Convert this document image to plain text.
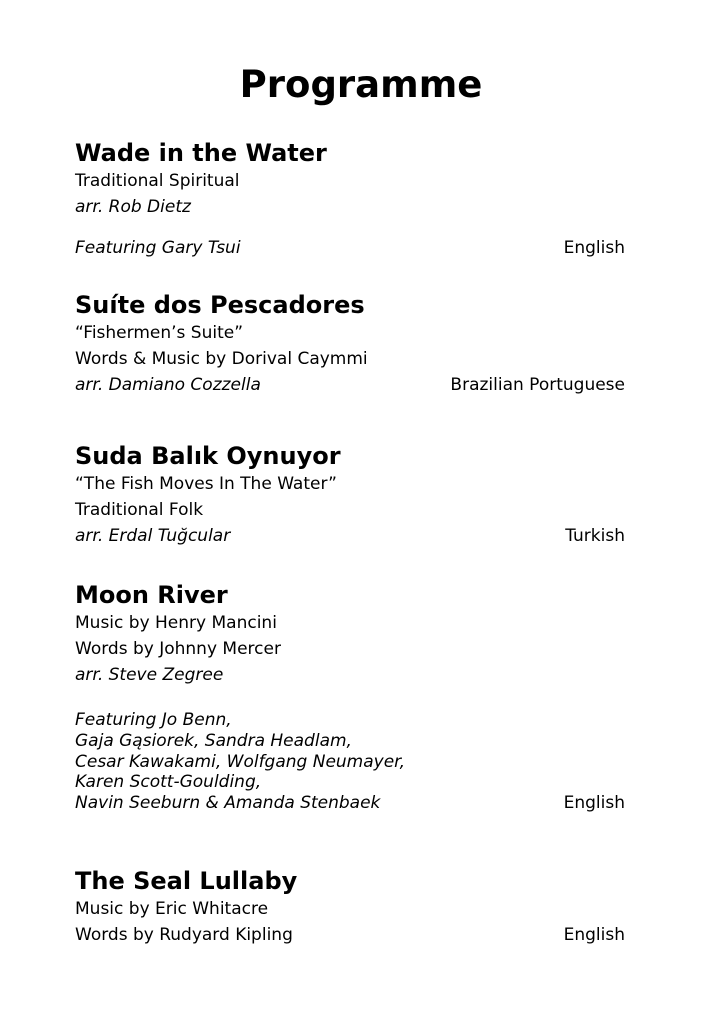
Programme
Wade in the Water
Traditional Spiritual
arr. Rob Dietz
Featuring Gary Tsui	English
Suíte dos Pescadores
“Fishermen’s Suite”
Words & Music by Dorival Caymmi
arr. Damiano Cozzella	Brazilian Portuguese
Suda Balık Oynuyor
“The Fish Moves In The Water”
Traditional Folk
arr. Erdal Tuğcular	Turkish
Moon River
Music by Henry Mancini
Words by Johnny Mercer
arr. Steve Zegree
Featuring Jo Benn,
Gaja Gąsiorek, Sandra Headlam,
Cesar Kawakami, Wolfgang Neumayer,
Karen Scott-Goulding,
Navin Seeburn & Amanda Stenbaek	English
The Seal Lullaby
Music by Eric Whitacre
Words by Rudyard Kipling	English
